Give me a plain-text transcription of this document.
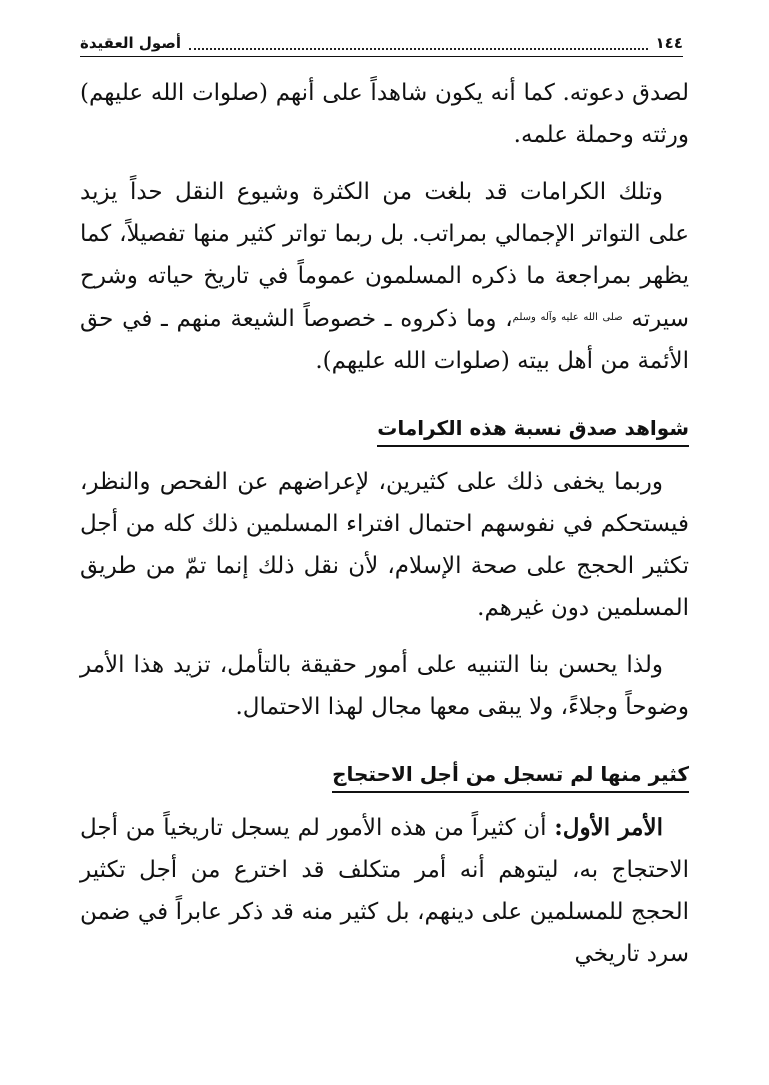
١٤٤
أصول العقيدة

لصدق دعوته. كما أنه يكون شاهداً على أنهم (صلوات الله عليهم) ورثته وحملة علمه.

وتلك الكرامات قد بلغت من الكثرة وشيوع النقل حداً يزيد على التواتر الإجمالي بمراتب. بل ربما تواتر كثير منها تفصيلاً، كما يظهر بمراجعة ما ذكره المسلمون عموماً في تاريخ حياته وشرح سيرته $^{صلى الله عليه وآله وسلم}$، وما ذكروه ـ خصوصاً الشيعة منهم ـ في حق الأئمة من أهل بيته (صلوات الله عليهم).

شواهد صدق نسبة هذه الكرامات

وربما يخفى ذلك على كثيرين، لإعراضهم عن الفحص والنظر، فيستحكم في نفوسهم احتمال افتراء المسلمين ذلك كله من أجل تكثير الحجج على صحة الإسلام، لأن نقل ذلك إنما تمّ من طريق المسلمين دون غيرهم.

ولذا يحسن بنا التنبيه على أمور حقيقة بالتأمل، تزيد هذا الأمر وضوحاً وجلاءً، ولا يبقى معها مجال لهذا الاحتمال.

كثير منها لم تسجل من أجل الاحتجاج

الأمر الأول: أن كثيراً من هذه الأمور لم يسجل تاريخياً من أجل الاحتجاج به، ليتوهم أنه أمر متكلف قد اخترع من أجل تكثير الحجج للمسلمين على دينهم، بل كثير منه قد ذكر عابراً في ضمن سرد تاريخي
